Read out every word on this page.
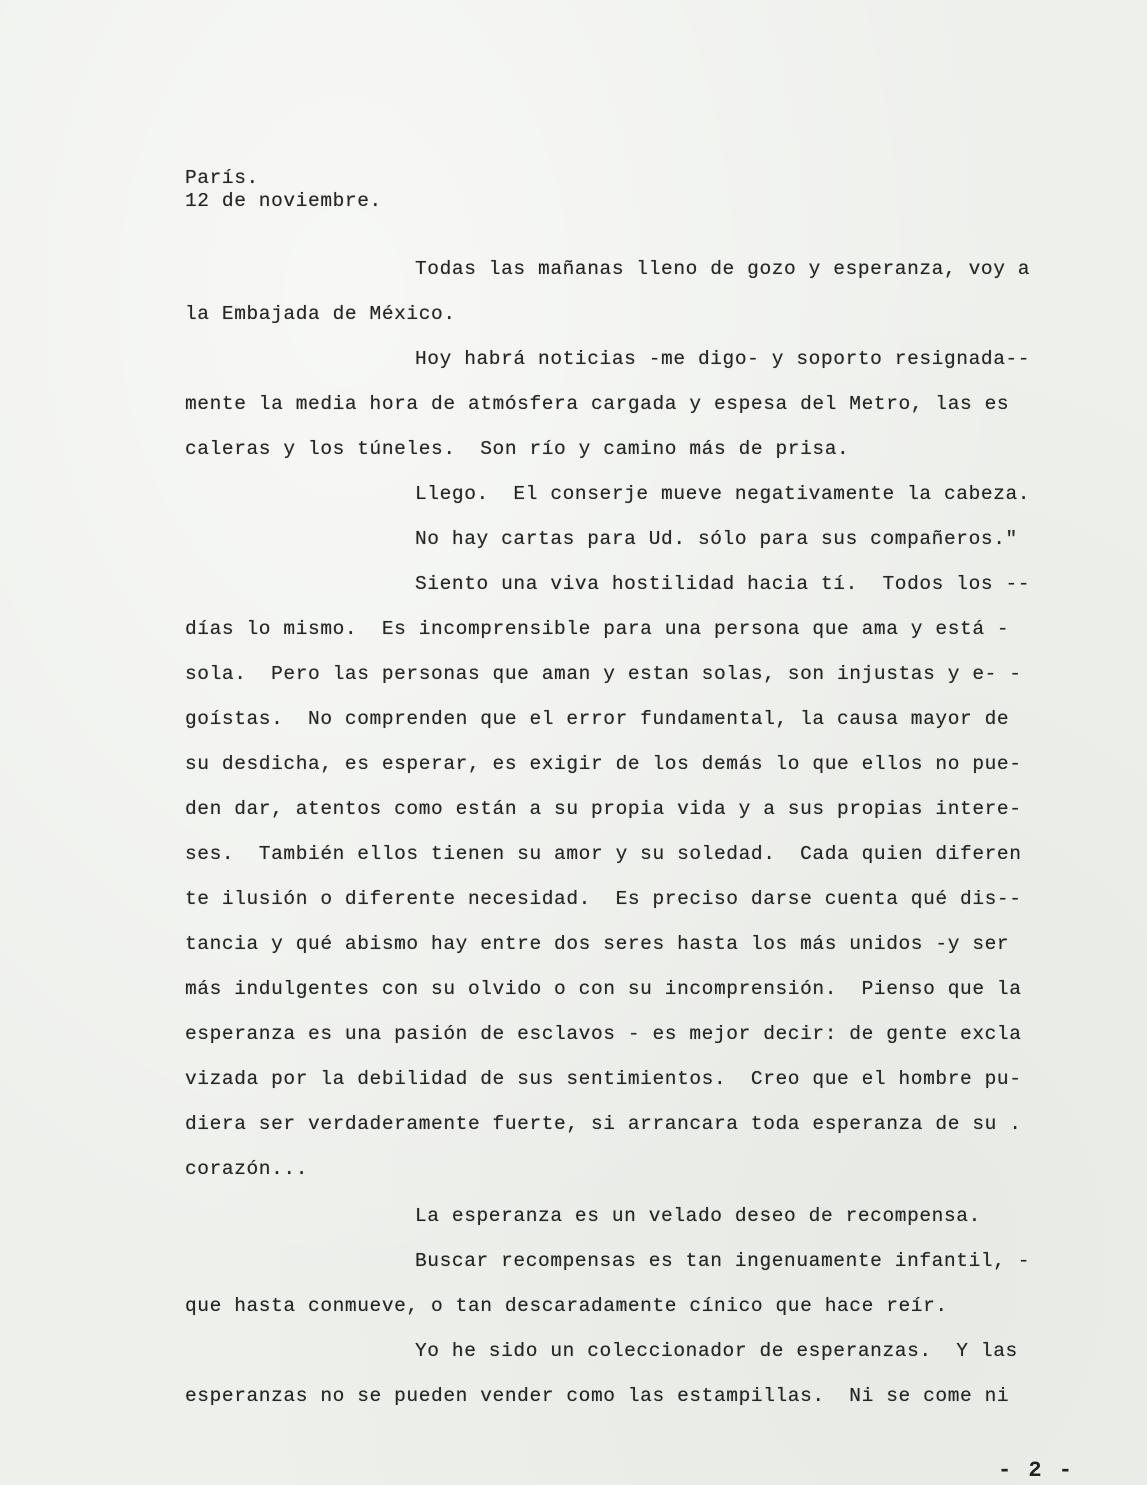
París.
12 de noviembre.
Todas las mañanas lleno de gozo y esperanza, voy a
la Embajada de México.
Hoy habrá noticias -me digo- y soporto resignada--
mente la media hora de atmósfera cargada y espesa del Metro, las es
caleras y los túneles.  Son río y camino más de prisa.
Llego.  El conserje mueve negativamente la cabeza.
No hay cartas para Ud. sólo para sus compañeros."
Siento una viva hostilidad hacia tí.  Todos los --
días lo mismo.  Es incomprensible para una persona que ama y está -
sola.  Pero las personas que aman y estan solas, son injustas y e- -
goístas.  No comprenden que el error fundamental, la causa mayor de
su desdicha, es esperar, es exigir de los demás lo que ellos no pue-
den dar, atentos como están a su propia vida y a sus propias intere-
ses.  También ellos tienen su amor y su soledad.  Cada quien diferen
te ilusión o diferente necesidad.  Es preciso darse cuenta qué dis--
tancia y qué abismo hay entre dos seres hasta los más unidos -y ser
más indulgentes con su olvido o con su incomprensión.  Pienso que la
esperanza es una pasión de esclavos - es mejor decir: de gente excla
vizada por la debilidad de sus sentimientos.  Creo que el hombre pu-
diera ser verdaderamente fuerte, si arrancara toda esperanza de su .
corazón...
La esperanza es un velado deseo de recompensa.
Buscar recompensas es tan ingenuamente infantil, -
que hasta conmueve, o tan descaradamente cínico que hace reír.
Yo he sido un coleccionador de esperanzas.  Y las
esperanzas no se pueden vender como las estampillas.  Ni se come ni
- 2 -
